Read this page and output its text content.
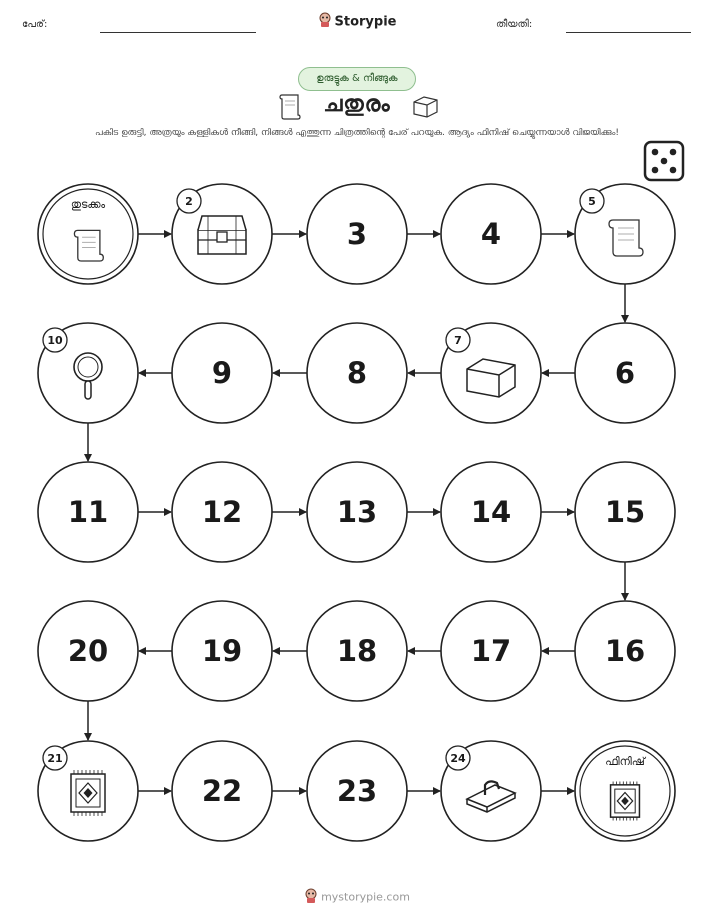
പേര്:	Storypie	തീയതി:
ഉരുട്ടുക & നീങ്ങുക
ചതുരം
പകിട ഉരുട്ടി, അത്രയും കള്ളികൾ നീങ്ങി, നിങ്ങൾ എത്തുന്ന ചിത്രത്തിന്റെ പേര് പറയുക. ആദ്യം ഫിനിഷ് ചെയ്യുന്നയാൾ വിജയിക്കും!
തുടക്കം	2
3	4
5
6
7
8
9
10
11	12	13	14	15
16
17
18
19
20
21
22	23
24	ഫിനിഷ്
mystorypie.com
